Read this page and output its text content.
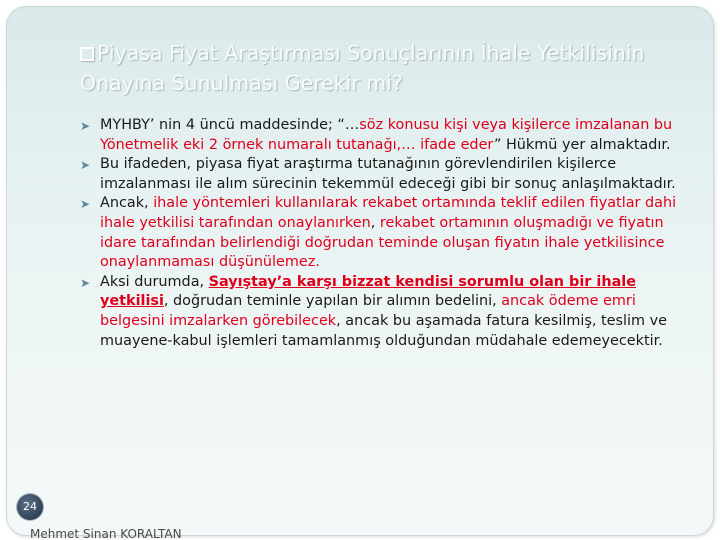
Piyasa Fiyat Araştırması Sonuçlarının İhale Yetkilisinin Onayına Sunulması Gerekir mi?

➤ MYHBY’ nin 4 üncü maddesinde; “…söz konusu kişi veya kişilerce imzalanan bu Yönetmelik eki 2 örnek numaralı tutanağı,… ifade eder” Hükmü yer almaktadır.

➤ Bu ifadeden, piyasa fiyat araştırma tutanağının görevlendirilen kişilerce imzalanması ile alım sürecinin tekemmül edeceği gibi bir sonuç anlaşılmaktadır.

➤ Ancak, ihale yöntemleri kullanılarak rekabet ortamında teklif edilen fiyatlar dahi ihale yetkilisi tarafından onaylanırken, rekabet ortamının oluşmadığı ve fiyatın idare tarafından belirlendiği doğrudan teminde oluşan fiyatın ihale yetkilisince onaylanmaması düşünülemez.

➤ Aksi durumda, Sayıştay’a karşı bizzat kendisi sorumlu olan bir ihale yetkilisi, doğrudan teminle yapılan bir alımın bedelini, ancak ödeme emri belgesini imzalarken görebilecek, ancak bu aşamada fatura kesilmiş, teslim ve muayene-kabul işlemleri tamamlanmış olduğundan müdahale edemeyecektir.

24
Mehmet Sinan KORALTAN
